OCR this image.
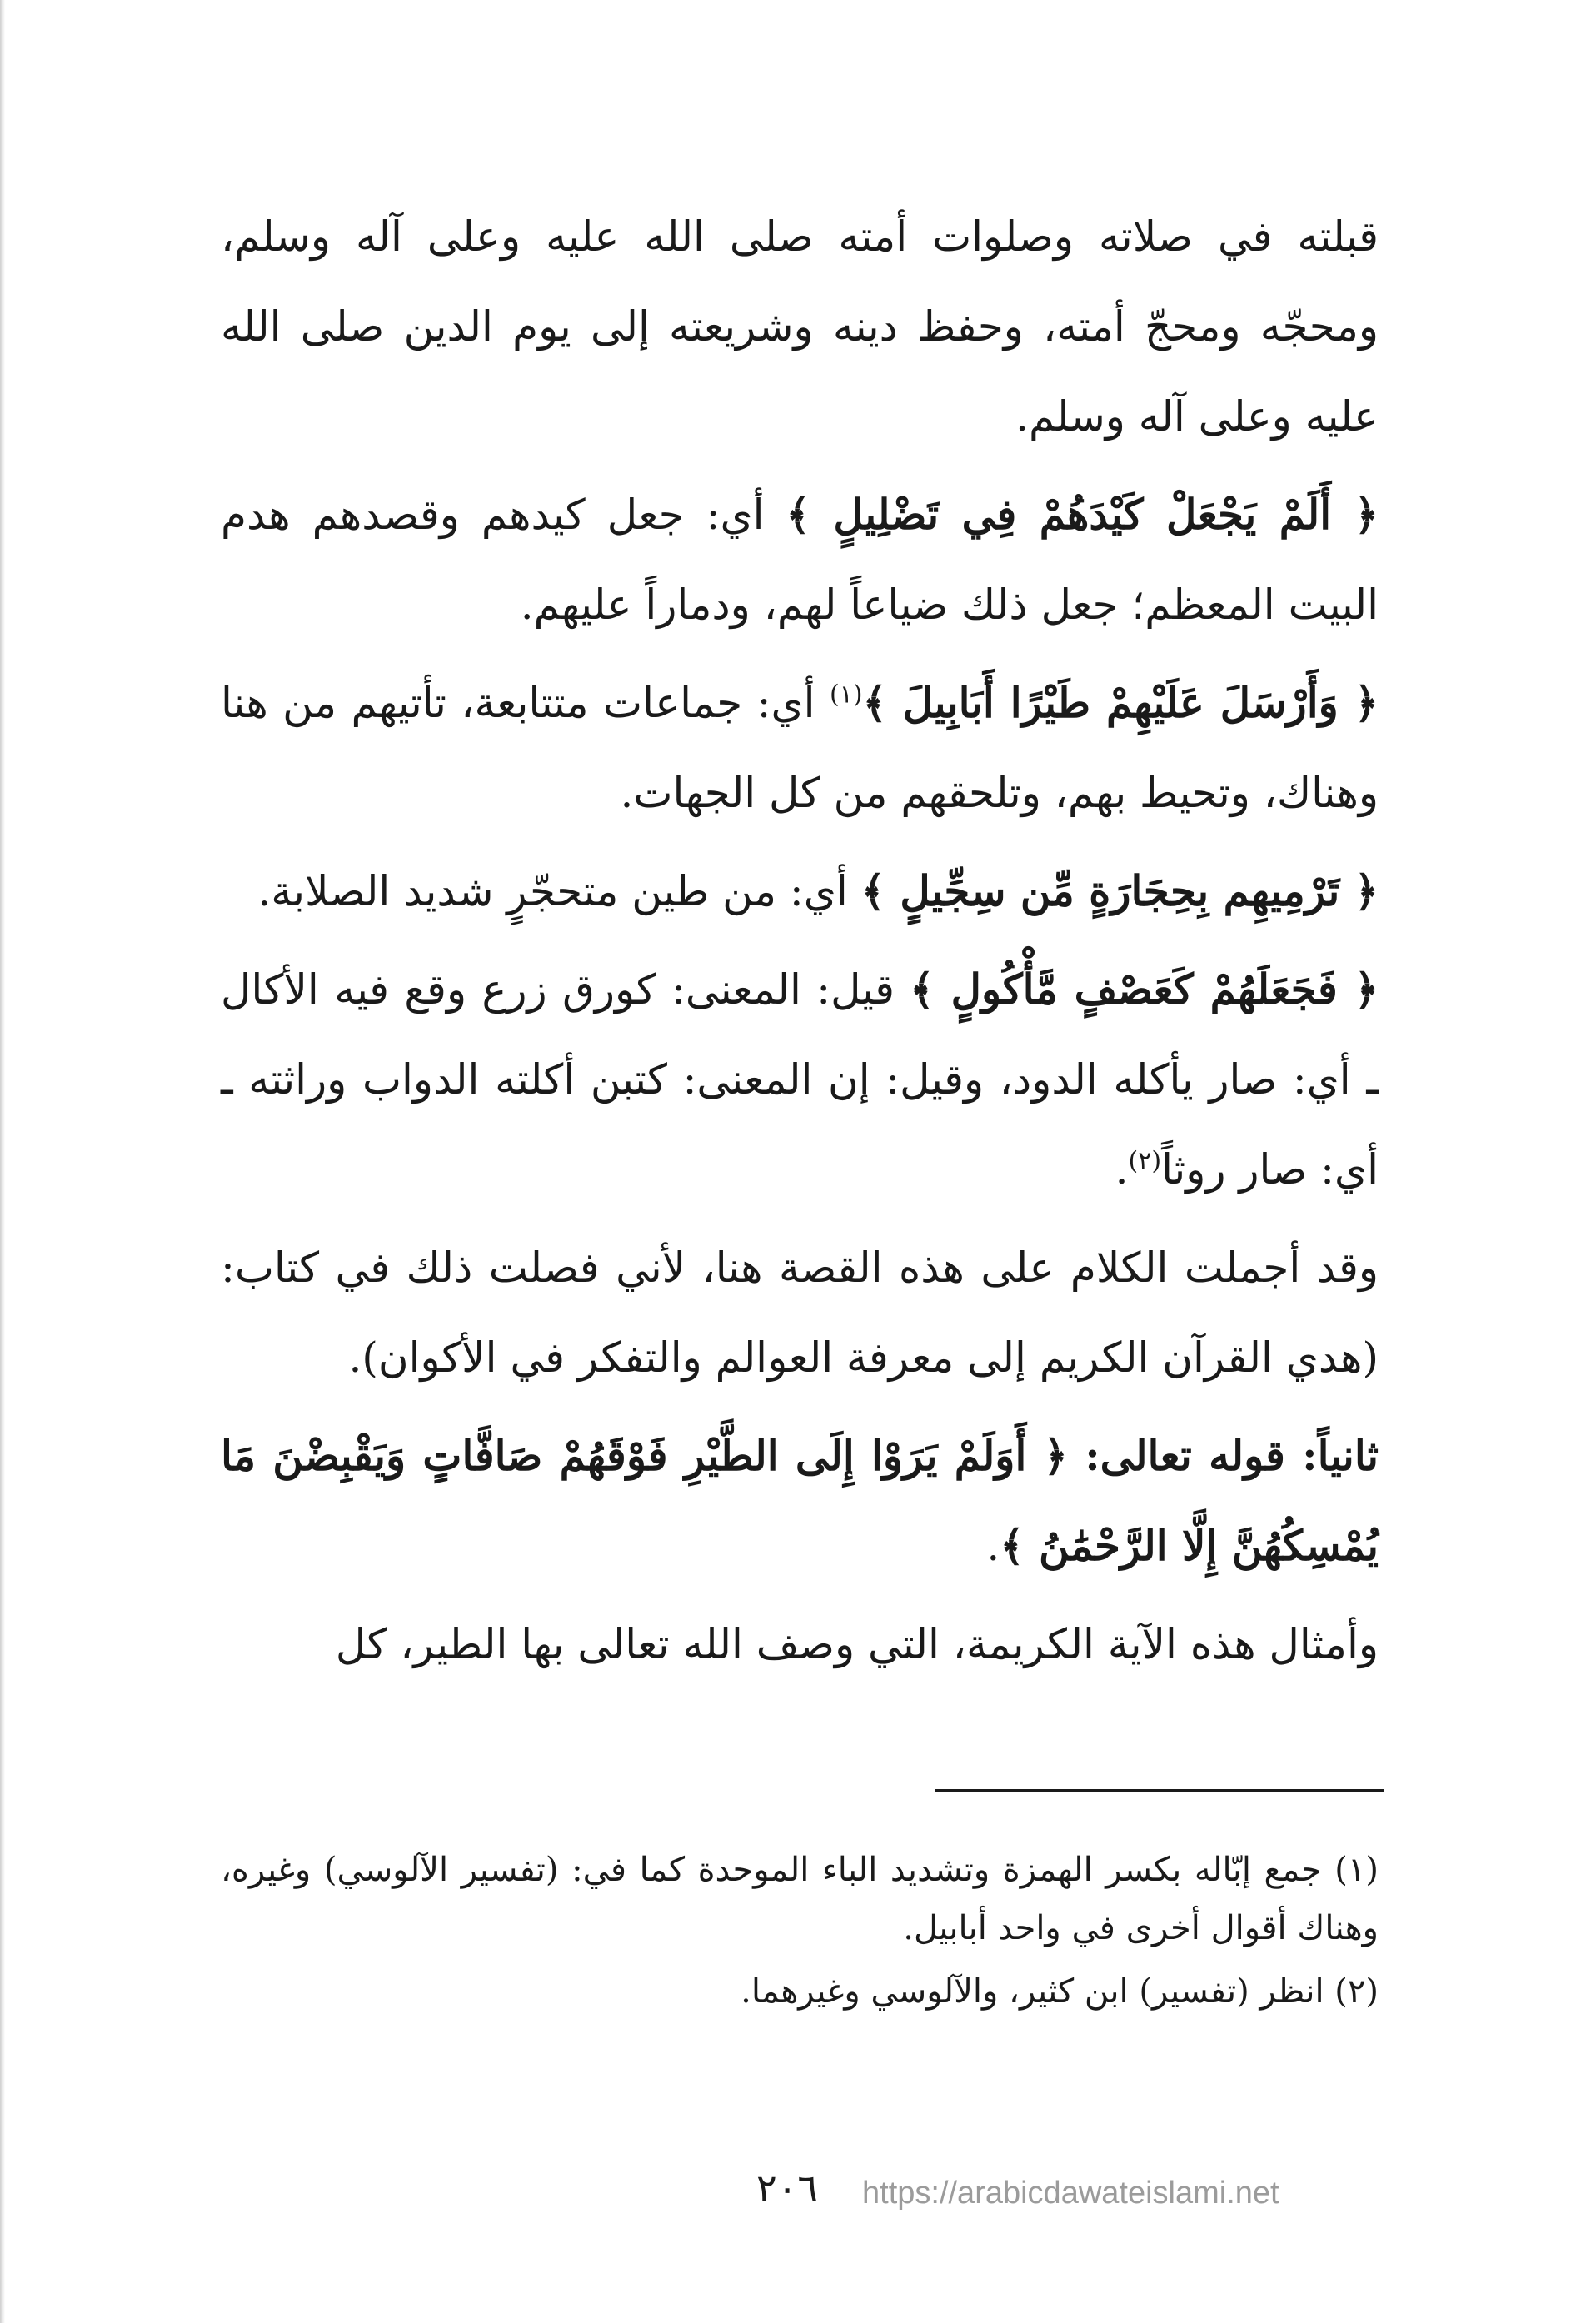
قبلته في صلاته وصلوات أمته صلى الله عليه وعلى آله وسلم، ومحجّه ومحجّ أمته، وحفظ دينه وشريعته إلى يوم الدين صلى الله عليه وعلى آله وسلم.

﴿ أَلَمْ يَجْعَلْ كَيْدَهُمْ فِي تَضْلِيلٍ ﴾ أي: جعل كيدهم وقصدهم هدم البيت المعظم؛ جعل ذلك ضياعاً لهم، ودماراً عليهم.

﴿ وَأَرْسَلَ عَلَيْهِمْ طَيْرًا أَبَابِيلَ ﴾$^{(١)}$ أي: جماعات متتابعة، تأتيهم من هنا وهناك، وتحيط بهم، وتلحقهم من كل الجهات.

﴿ تَرْمِيهِم بِحِجَارَةٍ مِّن سِجِّيلٍ ﴾ أي: من طين متحجّرٍ شديد الصلابة.

﴿ فَجَعَلَهُمْ كَعَصْفٍ مَّأْكُولٍ ﴾ قيل: المعنى: كورق زرع وقع فيه الأكال ـ أي: صار يأكله الدود، وقيل: إن المعنى: كتبن أكلته الدواب وراثته ـ أي: صار روثاً$^{(٢)}$.

وقد أجملت الكلام على هذه القصة هنا، لأني فصلت ذلك في كتاب: (هدي القرآن الكريم إلى معرفة العوالم والتفكر في الأكوان).

ثانياً: قوله تعالى: ﴿ أَوَلَمْ يَرَوْا إِلَى الطَّيْرِ فَوْقَهُمْ صَافَّاتٍ وَيَقْبِضْنَ مَا يُمْسِكُهُنَّ إِلَّا الرَّحْمَٰنُ ﴾.

وأمثال هذه الآية الكريمة، التي وصف الله تعالى بها الطير، كل

(١) جمع إبّاله بكسر الهمزة وتشديد الباء الموحدة كما في: (تفسير الآلوسي) وغيره، وهناك أقوال أخرى في واحد أبابيل.

(٢) انظر (تفسير) ابن كثير، والآلوسي وغيرهما.

٢٠٦ https://arabicdawateislami.net
